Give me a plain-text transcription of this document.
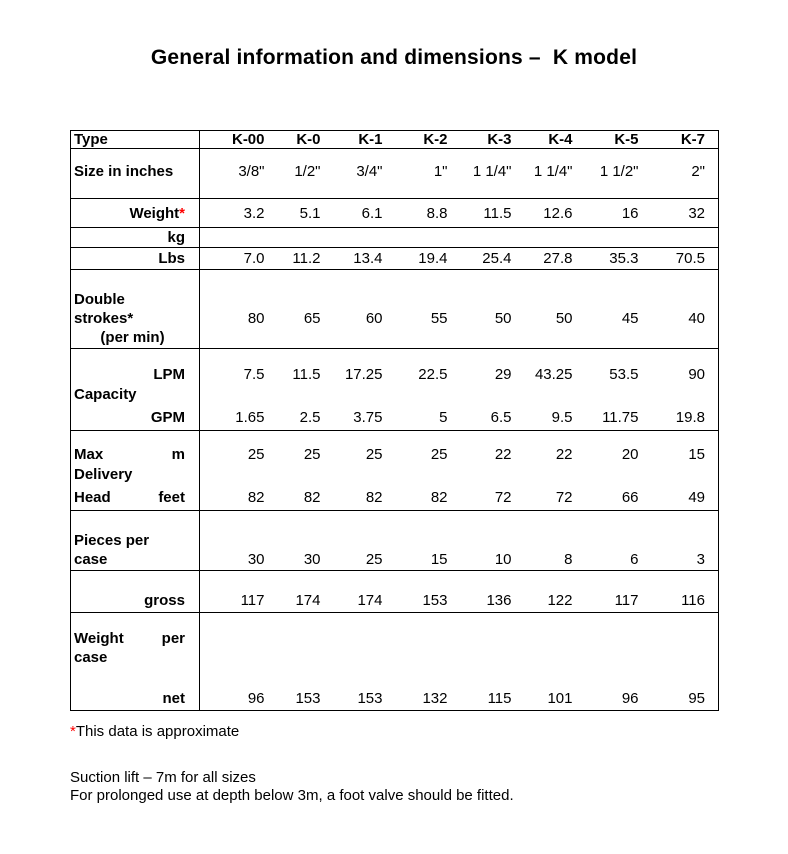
General information and dimensions –  K model
Type	K-00	K-0	K-1	K-2	K-3	K-4	K-5	K-7

Size in inches	3/8"	1/2"	3/4"	1"	1 1/4"	1 1/4"	1 1/2"	2"

Weight*	3.2	5.1	6.1	8.8	11.5	12.6	16	32
kg								
Lbs	7.0	11.2	13.4	19.4	25.4	27.8	35.3	70.5

Double								
strokes*	80	65	60	55	50	50	45	40
(per min)								

LPM	7.5	11.5	17.25	22.5	29	43.25	53.5	90
Capacity								
GPM	1.65	2.5	3.75	5	6.5	9.5	11.75	19.8

Max m	25	25	25	25	22	22	20	15
Delivery								

Head feet	82	82	82	82	72	72	66	49

Pieces per								
case	30	30	25	15	10	8	6	3

gross	117	174	174	153	136	122	117	116

Weight per								

case								

net	96	153	153	132	115	101	96	95
*This data is approximate
Suction lift – 7m for all sizes
For prolonged use at depth below 3m, a foot valve should be fitted.
